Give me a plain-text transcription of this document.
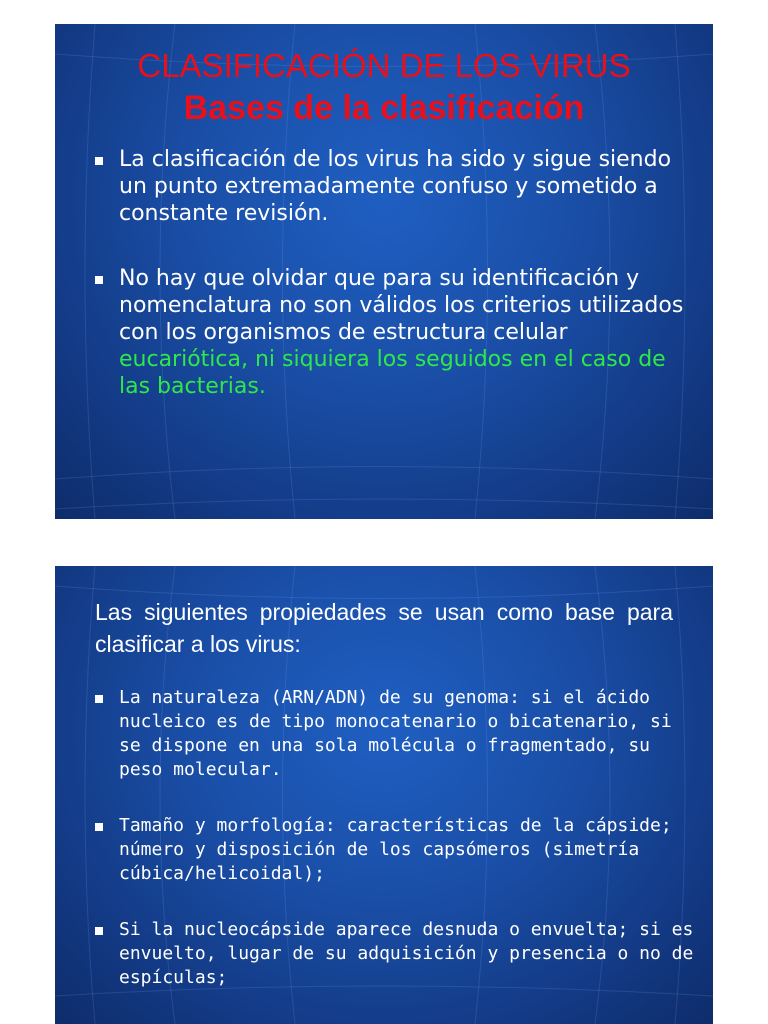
CLASIFICACIÓN DE LOS VIRUS
Bases de la clasificación
La clasificación de los virus ha sido y sigue siendo un punto extremadamente confuso y sometido a constante revisión.
No hay que olvidar que para su identificación y nomenclatura no son válidos los criterios utilizados con los organismos de estructura celular eucariótica, ni siquiera los seguidos en el caso de las bacterias.
Las siguientes propiedades se usan como base para clasificar a los virus:
La naturaleza (ARN/ADN) de su genoma: si el ácido nucleico es de tipo monocatenario o bicatenario, si se dispone en una sola molécula o fragmentado, su peso molecular.
Tamaño y morfología: características de la cápside; número y disposición de los capsómeros (simetría cúbica/helicoidal);
Si la nucleocápside aparece desnuda o envuelta; si es envuelto, lugar de su adquisición y presencia o no de espículas;
